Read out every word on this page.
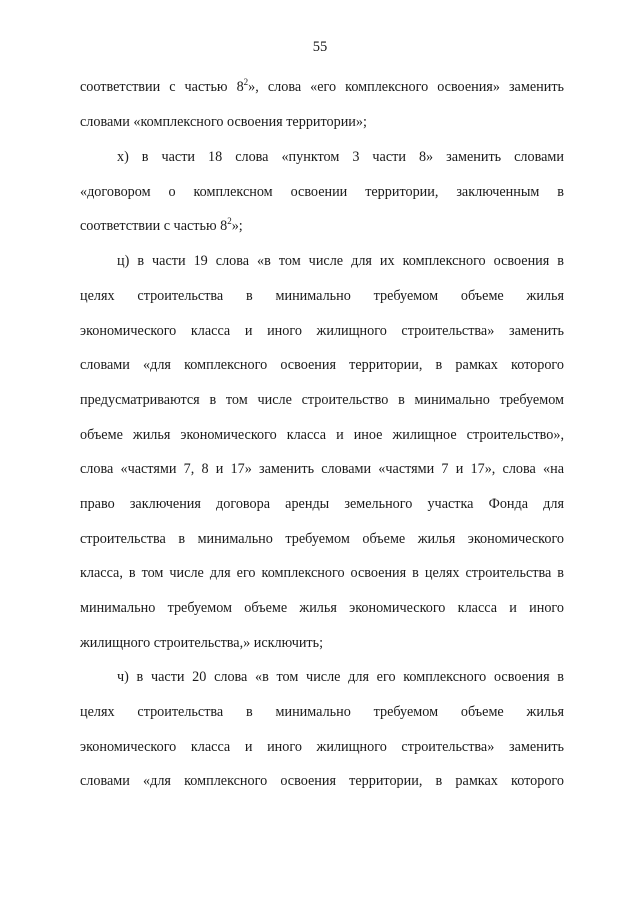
55
соответствии с частью $8^2$», слова «его комплексного освоения» заменить
словами «комплексного освоения территории»;
х) в части 18 слова «пунктом 3 части 8» заменить словами
«договором о комплексном освоении территории, заключенным в
соответствии с частью $8^2$»;
ц) в части 19 слова «в том числе для их комплексного освоения в
целях строительства в минимально требуемом объеме жилья
экономического класса и иного жилищного строительства» заменить
словами «для комплексного освоения территории, в рамках которого
предусматриваются в том числе строительство в минимально требуемом
объеме жилья экономического класса и иное жилищное строительство»,
слова «частями 7, 8 и 17» заменить словами «частями 7 и 17», слова «на
право заключения договора аренды земельного участка Фонда для
строительства в минимально требуемом объеме жилья экономического
класса, в том числе для его комплексного освоения в целях строительства в
минимально требуемом объеме жилья экономического класса и иного
жилищного строительства,» исключить;
ч) в части 20 слова «в том числе для его комплексного освоения в
целях строительства в минимально требуемом объеме жилья
экономического класса и иного жилищного строительства» заменить
словами «для комплексного освоения территории, в рамках которого
